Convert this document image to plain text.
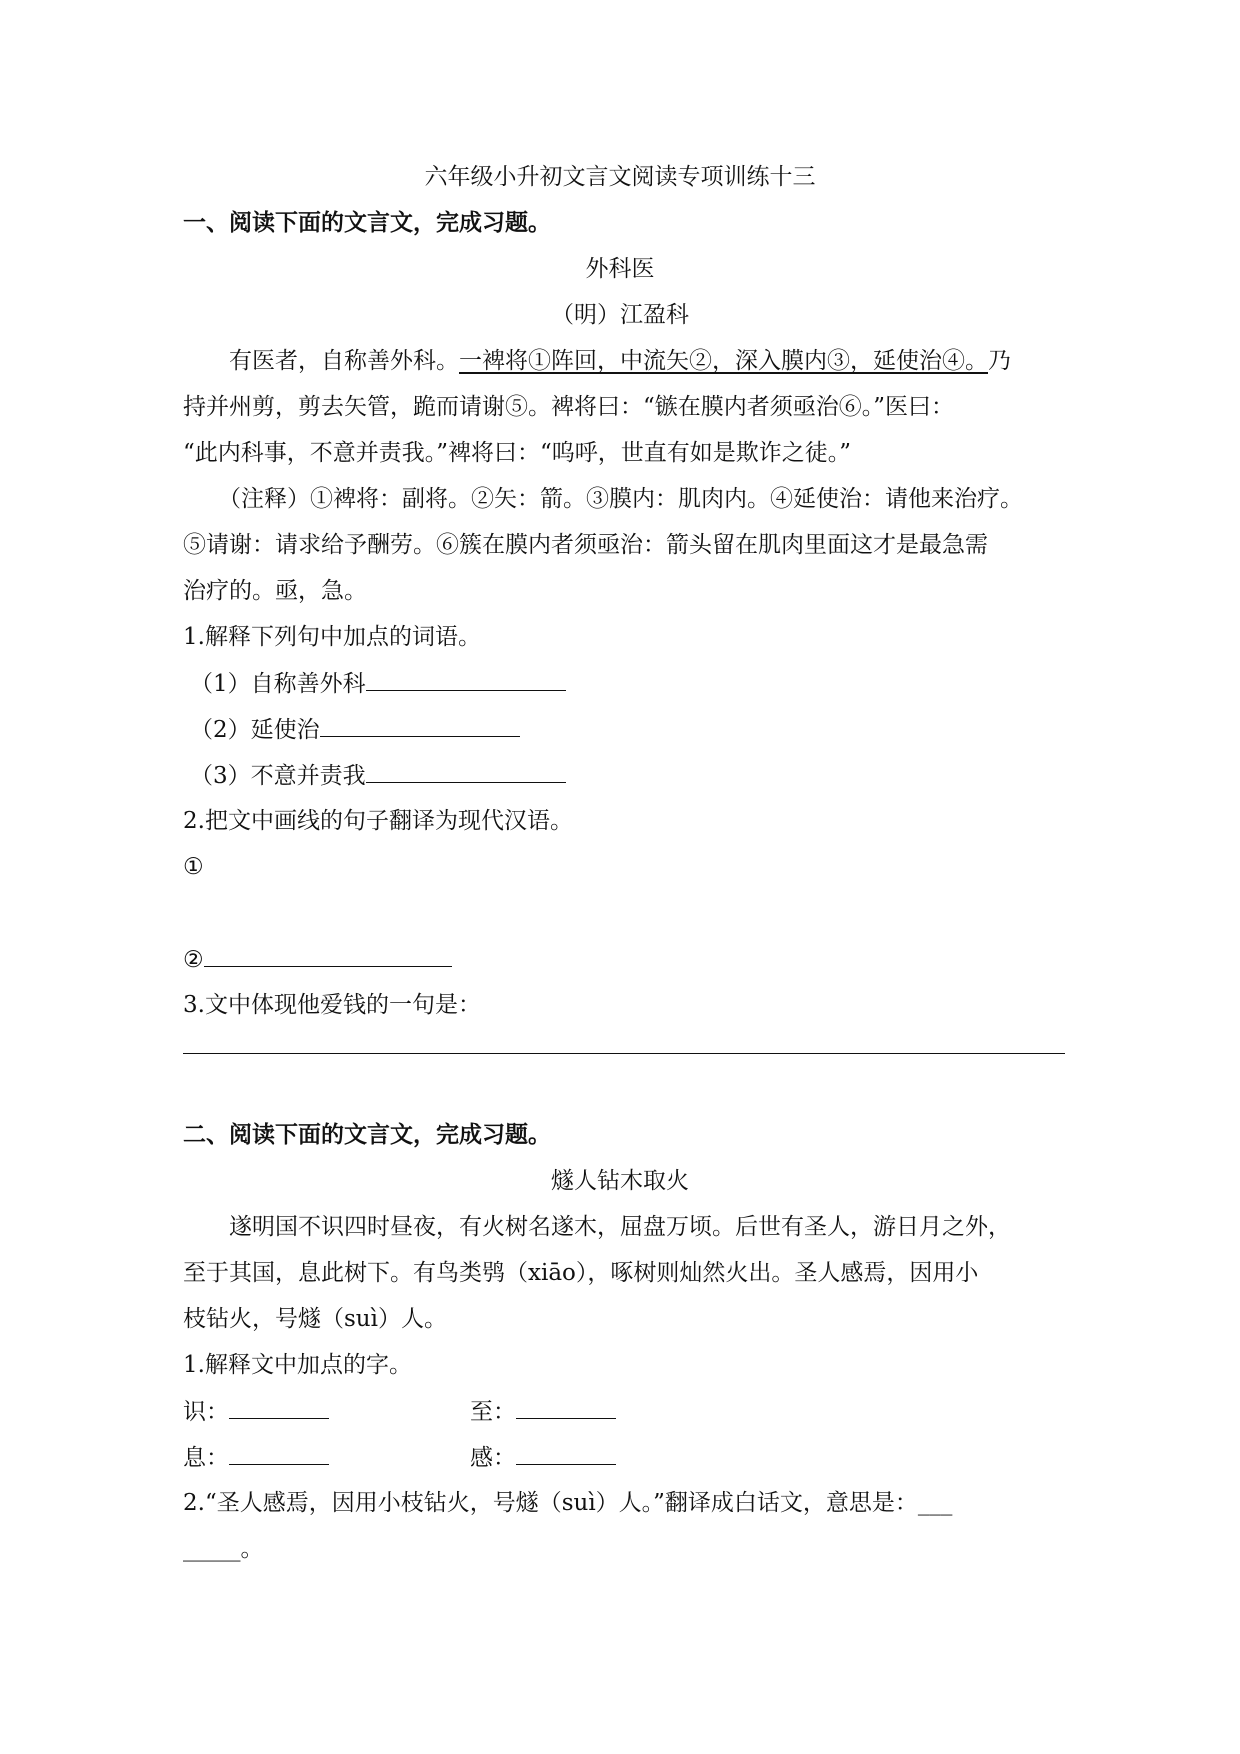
六年级小升初文言文阅读专项训练十三
一、阅读下面的文言文，完成习题。
外科医
（明）江盈科
有医者，自称善外科。一裨将①阵回，中流矢②，深入膜内③，延使治④。乃
持并州剪，剪去矢管，跪而请谢⑤。裨将曰：“镞在膜内者须亟治⑥。”医曰：
“此内科事，不意并责我。”裨将曰：“呜呼，世直有如是欺诈之徒。”
（注释）①裨将：副将。②矢：箭。③膜内：肌肉内。④延使治：请他来治疗。
⑤请谢：请求给予酬劳。⑥簇在膜内者须亟治：箭头留在肌肉里面这才是最急需
治疗的。亟，急。
1.解释下列句中加点的词语。
（1）自称善外科
（2）延使治
（3）不意并责我
2.把文中画线的句子翻译为现代汉语。
①
②
3.文中体现他爱钱的一句是：
二、阅读下面的文言文，完成习题。
燧人钻木取火
遂明国不识四时昼夜，有火树名遂木，屈盘万顷。后世有圣人，游日月之外，
至于其国，息此树下。有鸟类鸮（xiāo），啄树则灿然火出。圣人感焉，因用小
枝钻火，号燧（suì）人。
1.解释文中加点的字。
识：	至：
息：	感：
2.“圣人感焉，因用小枝钻火，号燧（suì）人。”翻译成白话文，意思是：___
_____。
